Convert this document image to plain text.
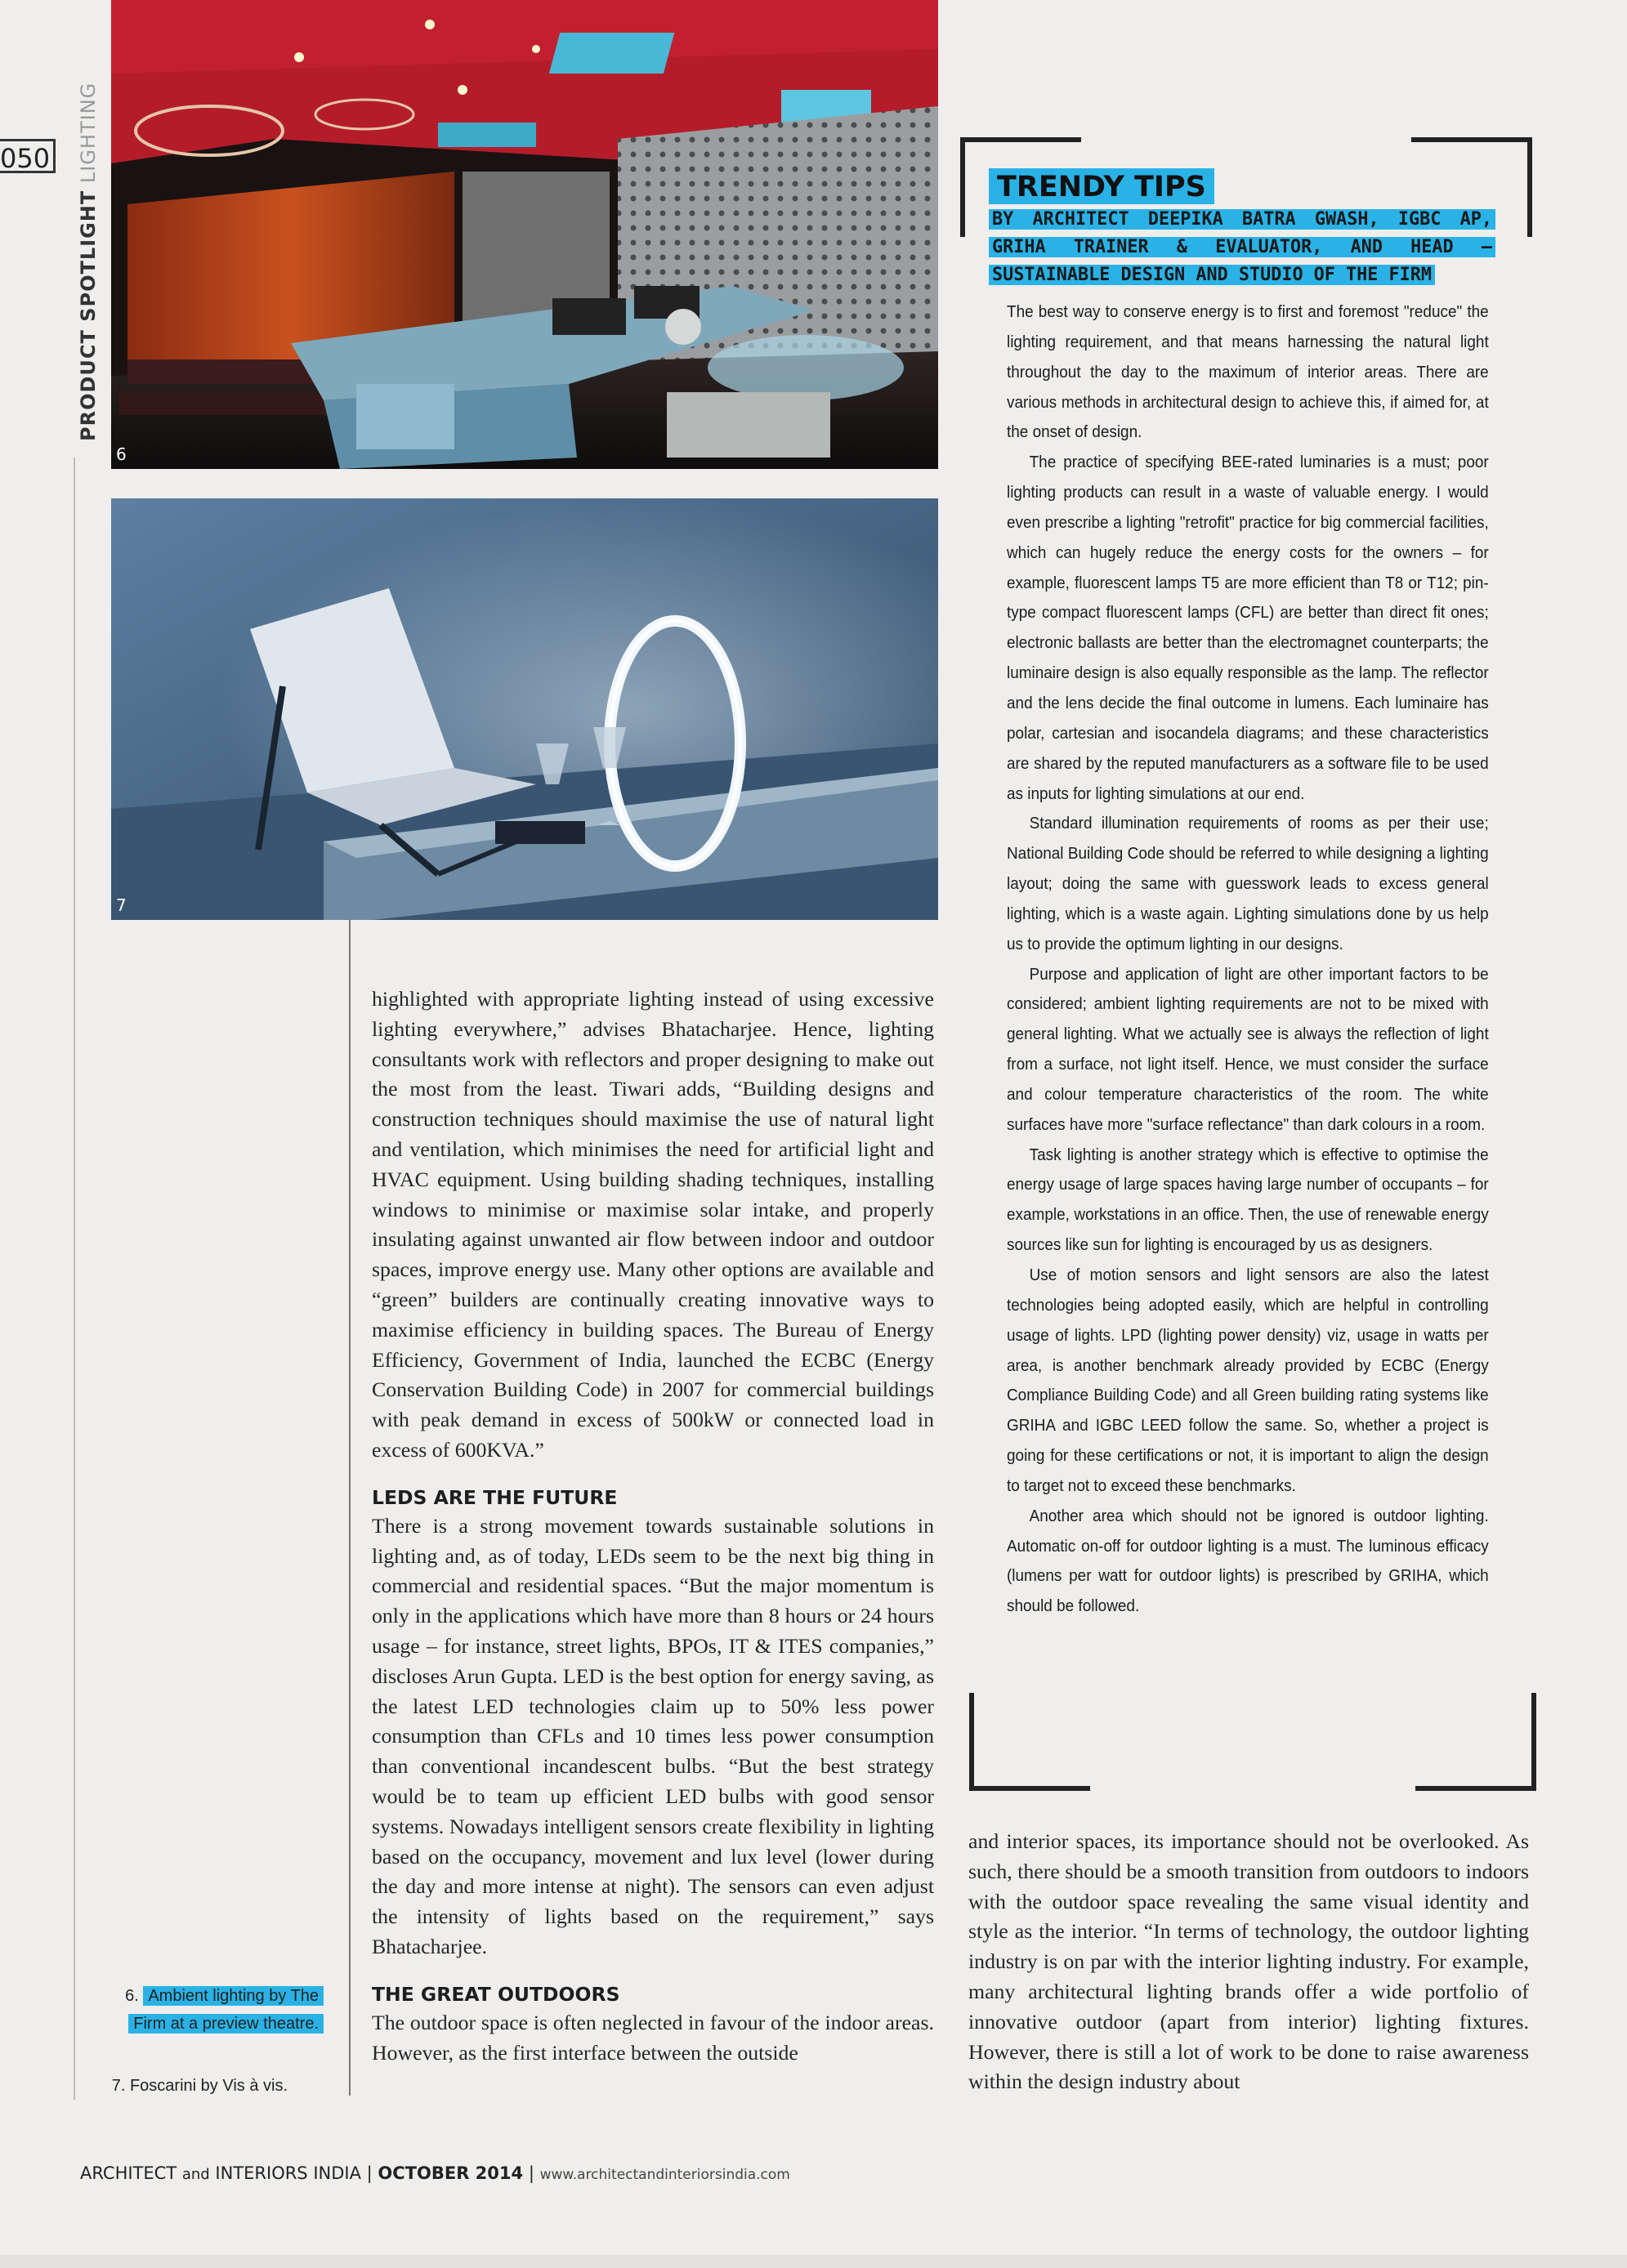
050
PRODUCT SPOTLIGHT LIGHTING
6
7

highlighted with appropriate lighting instead of using excessive lighting everywhere,” advises Bhatacharjee. Hence, lighting consultants work with reflectors and proper designing to make out the most from the least. Tiwari adds, “Building designs and construction techniques should maximise the use of natural light and ventilation, which minimises the need for artificial light and HVAC equipment. Using building shading techniques, installing windows to minimise or maximise solar intake, and properly insulating against unwanted air flow between indoor and outdoor spaces, improve energy use. Many other options are available and “green” builders are continually creating innovative ways to maximise efficiency in building spaces. The Bureau of Energy Efficiency, Government of India, launched the ECBC (Energy Conservation Building Code) in 2007 for commercial buildings with peak demand in excess of 500kW or connected load in excess of 600KVA.”

LEDS ARE THE FUTURE

There is a strong movement towards sustainable solutions in lighting and, as of today, LEDs seem to be the next big thing in commercial and residential spaces. “But the major momentum is only in the applications which have more than 8 hours or 24 hours usage – for instance, street lights, BPOs, IT & ITES companies,” discloses Arun Gupta. LED is the best option for energy saving, as the latest LED technologies claim up to 50% less power consumption than CFLs and 10 times less power consumption than conventional incandescent bulbs. “But the best strategy would be to team up efficient LED bulbs with good sensor systems. Nowadays intelligent sensors create flexibility in lighting based on the occupancy, movement and lux level (lower during the day and more intense at night). The sensors can even adjust the intensity of lights based on the requirement,” says Bhatacharjee.

THE GREAT OUTDOORS

The outdoor space is often neglected in favour of the indoor areas. However, as the first interface between the outside

and interior spaces, its importance should not be overlooked. As such, there should be a smooth transition from outdoors to indoors with the outdoor space revealing the same visual identity and style as the interior. “In terms of technology, the outdoor lighting industry is on par with the interior lighting industry. For example, many architectural lighting brands offer a wide portfolio of innovative outdoor (apart from interior) lighting fixtures. However, there is still a lot of work to be done to raise awareness within the design industry about

TRENDY TIPS
BY ARCHITECT DEEPIKA BATRA GWASH, IGBC AP, GRIHA TRAINER & EVALUATOR, AND HEAD – SUSTAINABLE DESIGN AND STUDIO OF THE FIRM

The best way to conserve energy is to first and foremost "reduce" the lighting requirement, and that means harnessing the natural light throughout the day to the maximum of interior areas. There are various methods in architectural design to achieve this, if aimed for, at the onset of design.

The practice of specifying BEE-rated luminaries is a must; poor lighting products can result in a waste of valuable energy. I would even prescribe a lighting "retrofit" practice for big commercial facilities, which can hugely reduce the energy costs for the owners – for example, fluorescent lamps T5 are more efficient than T8 or T12; pin-type compact fluorescent lamps (CFL) are better than direct fit ones; electronic ballasts are better than the electromagnet counterparts; the luminaire design is also equally responsible as the lamp. The reflector and the lens decide the final outcome in lumens. Each luminaire has polar, cartesian and isocandela diagrams; and these characteristics are shared by the reputed manufacturers as a software file to be used as inputs for lighting simulations at our end.

Standard illumination requirements of rooms as per their use; National Building Code should be referred to while designing a lighting layout; doing the same with guesswork leads to excess general lighting, which is a waste again. Lighting simulations done by us help us to provide the optimum lighting in our designs.

Purpose and application of light are other important factors to be considered; ambient lighting requirements are not to be mixed with general lighting. What we actually see is always the reflection of light from a surface, not light itself. Hence, we must consider the surface and colour temperature characteristics of the room. The white surfaces have more "surface reflectance" than dark colours in a room.

Task lighting is another strategy which is effective to optimise the energy usage of large spaces having large number of occupants – for example, workstations in an office. Then, the use of renewable energy sources like sun for lighting is encouraged by us as designers.

Use of motion sensors and light sensors are also the latest technologies being adopted easily, which are helpful in controlling usage of lights. LPD (lighting power density) viz, usage in watts per area, is another benchmark already provided by ECBC (Energy Compliance Building Code) and all Green building rating systems like GRIHA and IGBC LEED follow the same. So, whether a project is going for these certifications or not, it is important to align the design to target not to exceed these benchmarks.

Another area which should not be ignored is outdoor lighting. Automatic on-off for outdoor lighting is a must. The luminous efficacy (lumens per watt for outdoor lights) is prescribed by GRIHA, which should be followed.

6. Ambient lighting by The
Firm at a preview theatre.
7. Foscarini by Vis à vis.
ARCHITECT and INTERIORS INDIA | OCTOBER 2014 | www.architectandinteriorsindia.com
